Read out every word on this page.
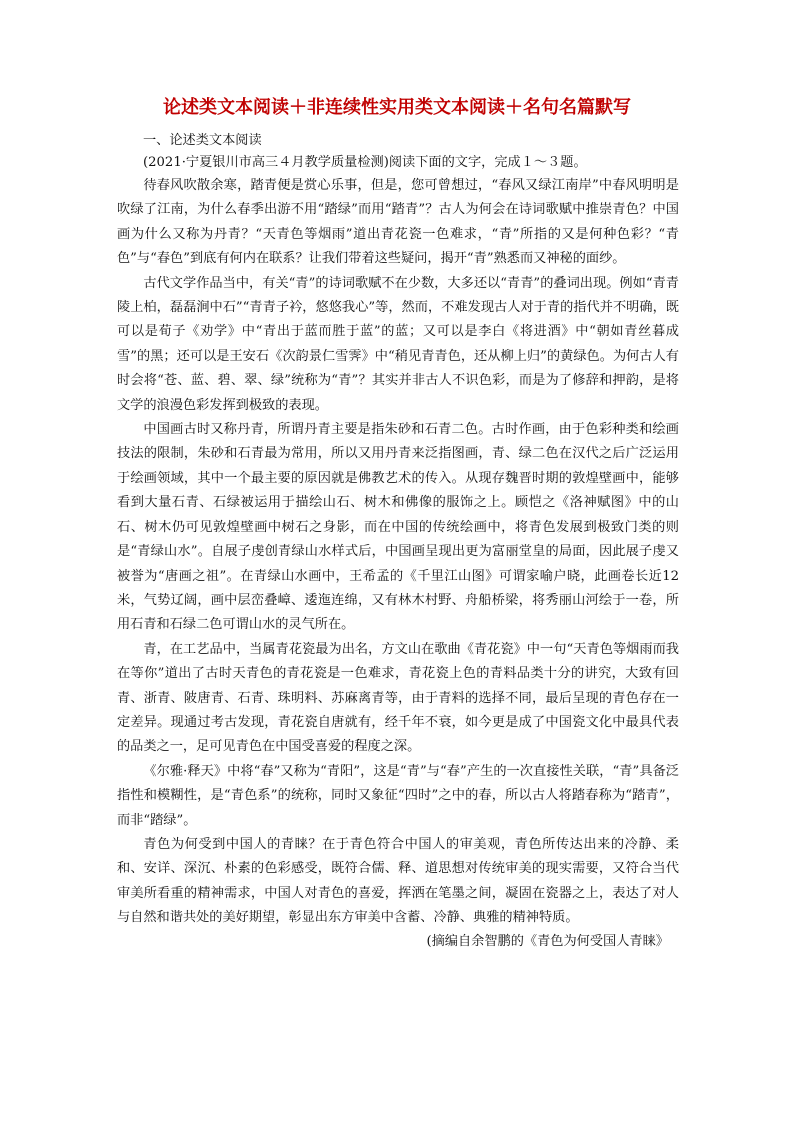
论述类文本阅读＋非连续性实用类文本阅读＋名句名篇默写

一、论述类文本阅读

(2021·宁夏银川市高三４月教学质量检测)阅读下面的文字，完成１～３题。

待春风吹散余寒，踏青便是赏心乐事，但是，您可曾想过，“春风又绿江南岸”中春风明明是吹绿了江南，为什么春季出游不用“踏绿”而用“踏青”？古人为何会在诗词歌赋中推崇青色？中国画为什么又称为丹青？“天青色等烟雨”道出青花瓷一色难求，“青”所指的又是何种色彩？“青色”与“春色”到底有何内在联系？让我们带着这些疑问，揭开“青”熟悉而又神秘的面纱。

古代文学作品当中，有关“青”的诗词歌赋不在少数，大多还以“青青”的叠词出现。例如“青青陵上柏，磊磊涧中石”“青青子衿，悠悠我心”等，然而，不难发现古人对于青的指代并不明确，既可以是荀子《劝学》中“青出于蓝而胜于蓝”的蓝；又可以是李白《将进酒》中“朝如青丝暮成雪”的黑；还可以是王安石《次韵景仁雪霁》中“稍见青青色，还从柳上归”的黄绿色。为何古人有时会将“苍、蓝、碧、翠、绿”统称为“青”？其实并非古人不识色彩，而是为了修辞和押韵，是将文学的浪漫色彩发挥到极致的表现。

中国画古时又称丹青，所谓丹青主要是指朱砂和石青二色。古时作画，由于色彩种类和绘画技法的限制，朱砂和石青最为常用，所以又用丹青来泛指图画，青、绿二色在汉代之后广泛运用于绘画领域，其中一个最主要的原因就是佛教艺术的传入。从现存魏晋时期的敦煌壁画中，能够看到大量石青、石绿被运用于描绘山石、树木和佛像的服饰之上。顾恺之《洛神赋图》中的山石、树木仍可见敦煌壁画中树石之身影，而在中国的传统绘画中，将青色发展到极致门类的则是“青绿山水”。自展子虔创青绿山水样式后，中国画呈现出更为富丽堂皇的局面，因此展子虔又被誉为“唐画之祖”。在青绿山水画中，王希孟的《千里江山图》可谓家喻户晓，此画卷长近12米，气势辽阔，画中层峦叠嶂、逶迤连绵，又有林木村野、舟船桥梁，将秀丽山河绘于一卷，所用石青和石绿二色可谓山水的灵气所在。

青，在工艺品中，当属青花瓷最为出名，方文山在歌曲《青花瓷》中一句“天青色等烟雨而我在等你”道出了古时天青色的青花瓷是一色难求，青花瓷上色的青料品类十分的讲究，大致有回青、浙青、陂唐青、石青、珠明料、苏麻离青等，由于青料的选择不同，最后呈现的青色存在一定差异。现通过考古发现，青花瓷自唐就有，经千年不衰，如今更是成了中国瓷文化中最具代表的品类之一，足可见青色在中国受喜爱的程度之深。

《尔雅·释天》中将“春”又称为“青阳”，这是“青”与“春”产生的一次直接性关联，“青”具备泛指性和模糊性，是“青色系”的统称，同时又象征“四时”之中的春，所以古人将踏春称为“踏青”，而非“踏绿”。

青色为何受到中国人的青睐？在于青色符合中国人的审美观，青色所传达出来的冷静、柔和、安详、深沉、朴素的色彩感受，既符合儒、释、道思想对传统审美的现实需要，又符合当代审美所看重的精神需求，中国人对青色的喜爱，挥洒在笔墨之间，凝固在瓷器之上，表达了对人与自然和谐共处的美好期望，彰显出东方审美中含蓄、冷静、典雅的精神特质。

(摘编自余智鹏的《青色为何受国人青睐》
